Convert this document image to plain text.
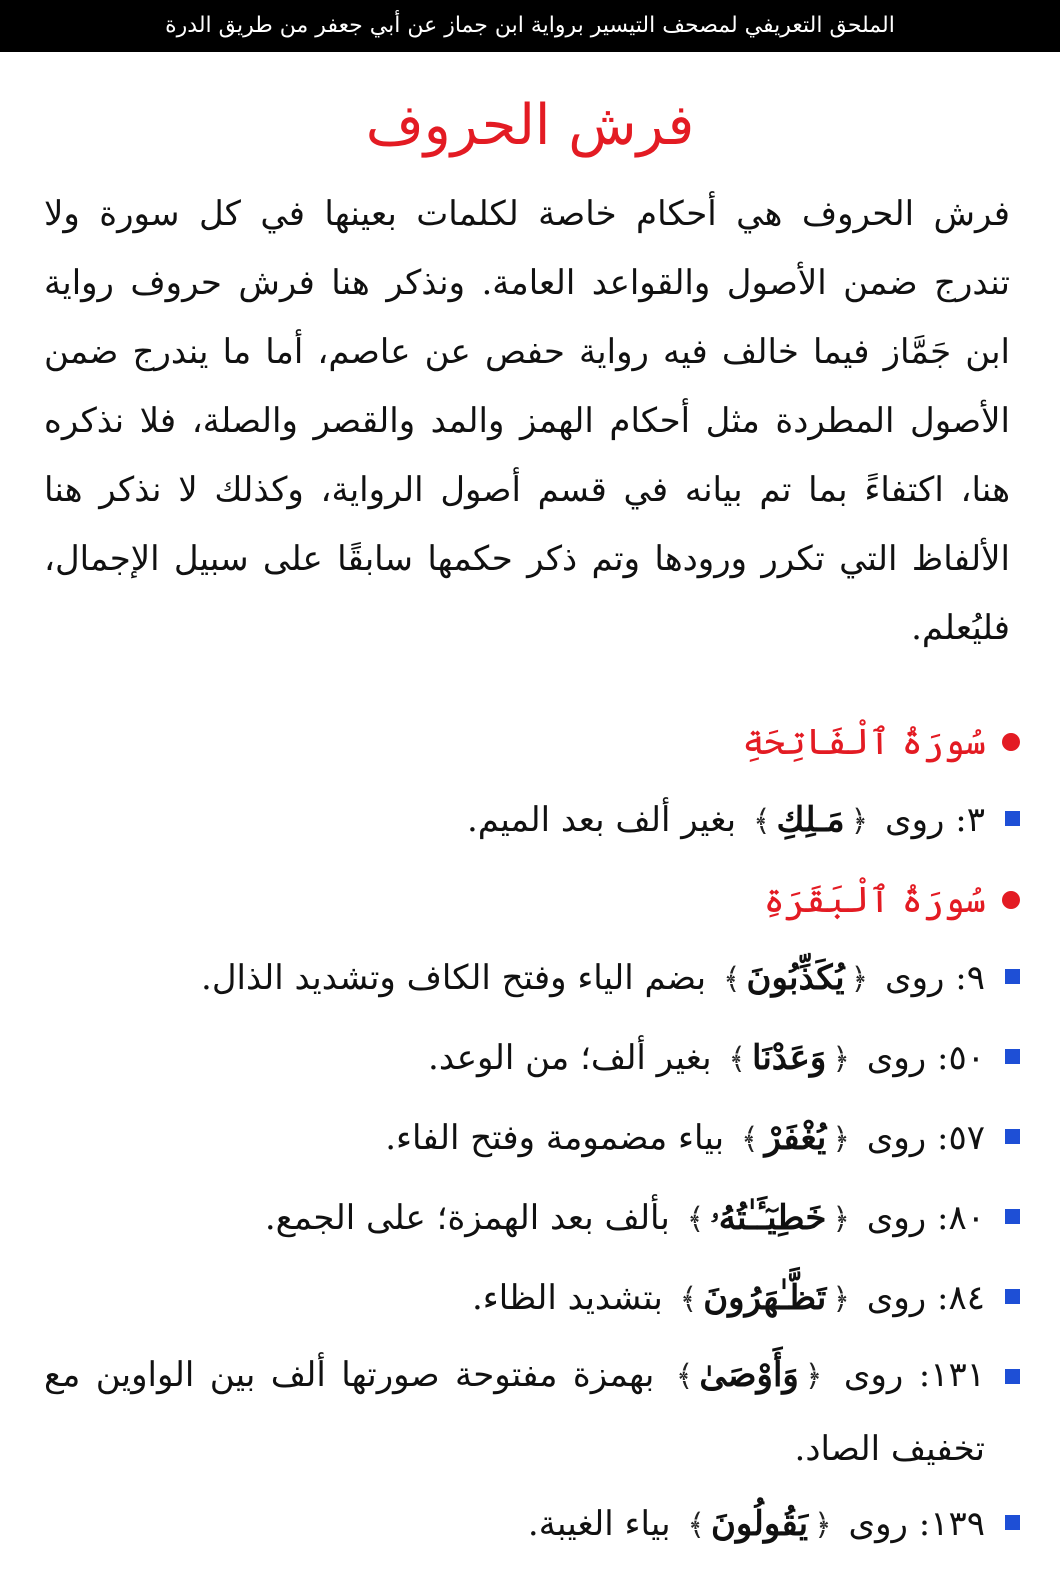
الملحق التعريفي لمصحف التيسير برواية ابن جماز عن أبي جعفر من طريق الدرة
فرش الحروف

فرش الحروف هي أحكام خاصة لكلمات بعينها في كل سورة ولا تندرج ضمن الأصول والقواعد العامة. ونذكر هنا فرش حروف رواية ابن جَمَّاز فيما خالف فيه رواية حفص عن عاصم، أما ما يندرج ضمن الأصول المطردة مثل أحكام الهمز والمد والقصر والصلة، فلا نذكره هنا، اكتفاءً بما تم بيانه في قسم أصول الرواية، وكذلك لا نذكر هنا الألفاظ التي تكرر ورودها وتم ذكر حكمها سابقًا على سبيل الإجمال، فليُعلم.

سُورَةُ ٱلْفَاتِحَةِ
٣: روى ﴿مَـلِكِ﴾ بغير ألف بعد الميم.
سُورَةُ ٱلْبَقَرَةِ
٩: روى ﴿يُكَذِّبُونَ﴾ بضم الياء وفتح الكاف وتشديد الذال.
٥٠: روى ﴿وَعَدْنَا﴾ بغير ألف؛ من الوعد.
٥٧: روى ﴿يُغْفَرْ﴾ بياء مضمومة وفتح الفاء.
٨٠: روى ﴿خَطِيٓـَٔـٰتُهُۥ﴾ بألف بعد الهمزة؛ على الجمع.
٨٤: روى ﴿تَظَّـٰهَرُونَ﴾ بتشديد الظاء.
١٣١: روى ﴿وَأَوْصَىٰ﴾ بهمزة مفتوحة صورتها ألف بين الواوين مع تخفيف الصاد.
١٣٩: روى ﴿يَقُولُونَ﴾ بياء الغيبة.
